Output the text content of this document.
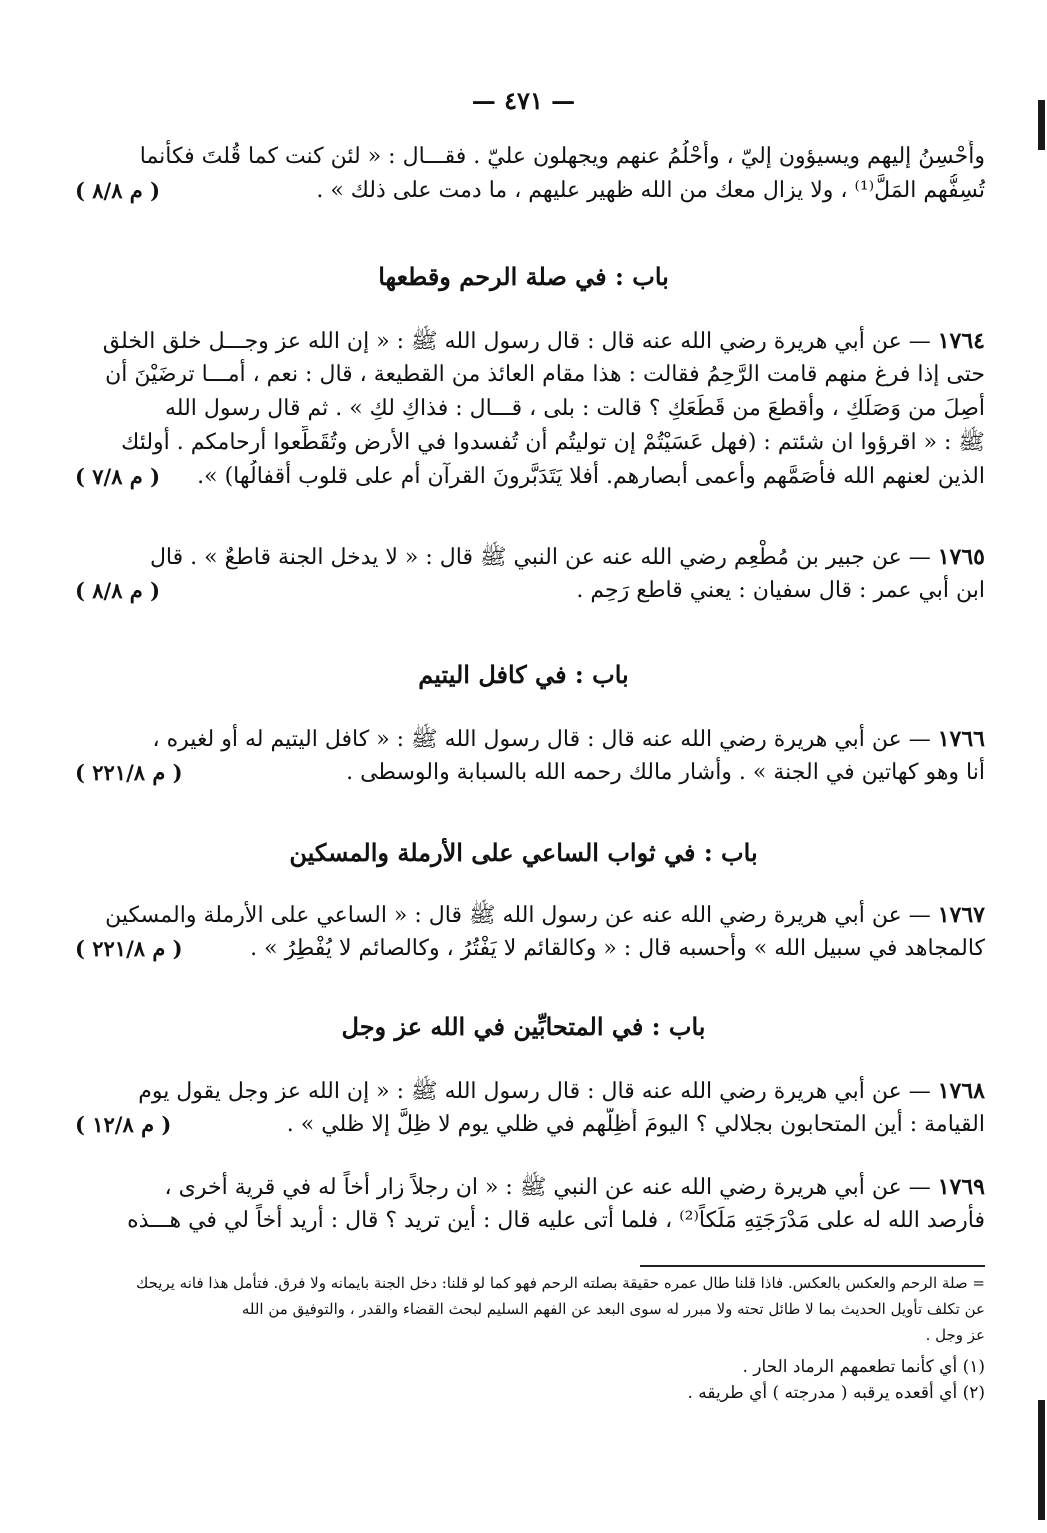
— ٤٧١ —
وأُحْسِنُ إليهم ويسيؤون إليّ ، وأَحْلُمُ عنهم ويجهلون عليّ . فقـــال : « لئن كنت كما قُلتَ فكأنما
تُسِفُّهم المَلَّ⁽¹⁾ ، ولا يزال معك من الله ظهير عليهم ، ما دمت على ذلك » .
( م ٨/٨ )
باب : في صلة الرحم وقطعها
١٧٦٤ — عن أبي هريرة رضي الله عنه قال : قال رسول الله ﷺ : « إن الله عز وجـــل خلق الخلق
حتى إذا فرغ منهم قامت الرَّحِمُ فقالت : هذا مقام العائذ من القطيعة ، قال : نعم ، أمـــا ترضَيْنَ أن
أصِلَ من وَصَلَكِ ، وأقطعَ من قَطَعَكِ ؟ قالت : بلى ، قـــال : فذاكِ لكِ » . ثم قال رسول الله
ﷺ : « اقرؤوا ان شئتم : (فهل عَسَيْتُمْ إن توليتُم أن تُفسدوا في الأرض وتُقَطِّعوا أرحامكم . أولئك
الذين لعنهم الله فأصَمَّهم وأعمى أبصارهم. أفلا يَتَدَبَّرونَ القرآن أم على قلوب أقفالُها) ».
( م ٧/٨ )
١٧٦٥ — عن جبير بن مُطْعِم رضي الله عنه عن النبي ﷺ قال : « لا يدخل الجنة قاطعٌ » . قال
ابن أبي عمر : قال سفيان : يعني قاطع رَحِم .
( م ٨/٨ )
باب : في كافل اليتيم
١٧٦٦ — عن أبي هريرة رضي الله عنه قال : قال رسول الله ﷺ : « كافل اليتيم له أو لغيره ،
أنا وهو كهاتين في الجنة » . وأشار مالك رحمه الله بالسبابة والوسطى .
( م ٢٢١/٨ )
باب : في ثواب الساعي على الأرملة والمسكين
١٧٦٧ — عن أبي هريرة رضي الله عنه عن رسول الله ﷺ قال : « الساعي على الأرملة والمسكين
كالمجاهد في سبيل الله » وأحسبه قال : « وكالقائم لا يَفْتُرُ ، وكالصائم لا يُفْطِرُ » .
( م ٢٢١/٨ )
باب : في المتحابِّين في الله عز وجل
١٧٦٨ — عن أبي هريرة رضي الله عنه قال : قال رسول الله ﷺ : « إن الله عز وجل يقول يوم
القيامة : أين المتحابون بجلالي ؟ اليومَ أُظِلُّهم في ظلي يوم لا ظِلَّ إلا ظلي » .
( م ١٢/٨ )
١٧٦٩ — عن أبي هريرة رضي الله عنه عن النبي ﷺ : « ان رجلاً زار أخاً له في قرية أخرى ،
فأرصد الله له على مَدْرَجَتِهِ مَلَكاً⁽²⁾ ، فلما أتى عليه قال : أين تريد ؟ قال : أريد أخاً لي في هـــذه
= صلة الرحم والعكس بالعكس. فاذا قلنا طال عمره حقيقة بصلته الرحم فهو كما لو قلنا: دخل الجنة بايمانه ولا فرق. فتأمل هذا فانه يريحك
عن تكلف تأويل الحديث بما لا طائل تحته ولا مبرر له سوى البعد عن الفهم السليم لبحث القضاء والقدر ، والتوفيق من الله
عز وجل .
(١) أي كأنما تطعمهم الرماد الحار .
(٢) أي أقعده يرقبه ( مدرجته ) أي طريقه .
